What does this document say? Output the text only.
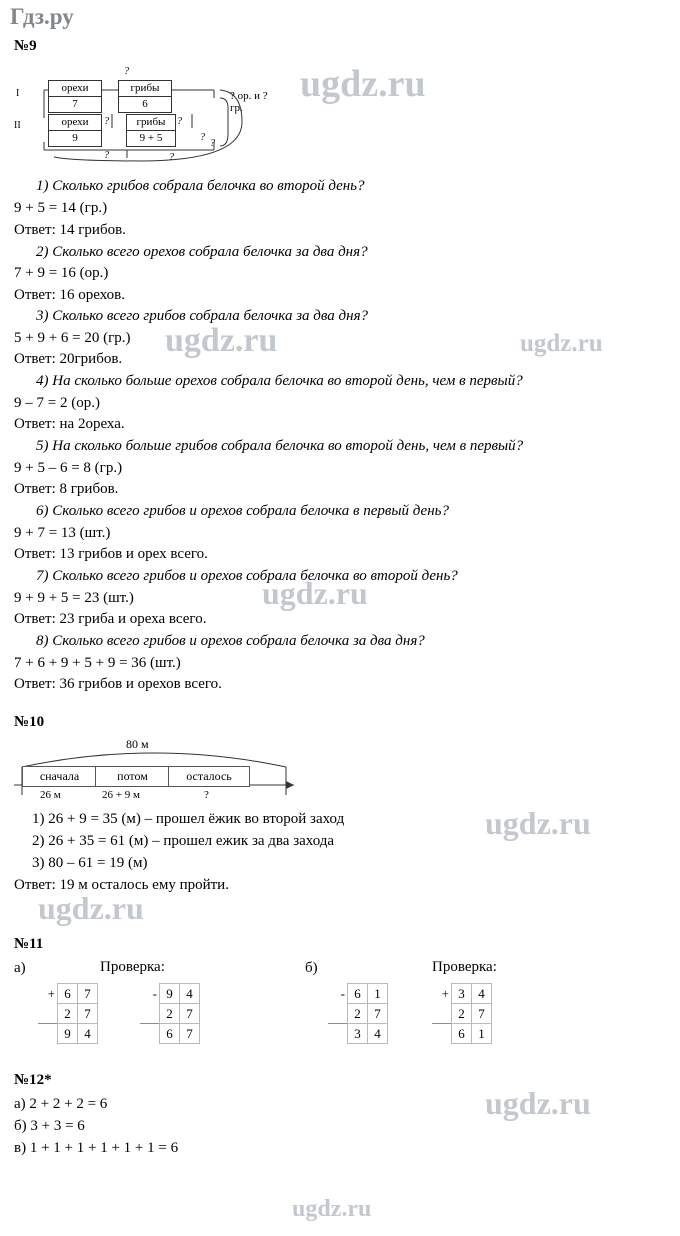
Гдз.ру
ugdz.ru
ugdz.ru	ugdz.ru
ugdz.ru
ugdz.ru
ugdz.ru
ugdz.ru
ugdz.ru
№9
I
II
орехи	грибы
7	6
орехи	грибы
9	9 + 5
?
?	?
?	?
?
?
? ор. и ? гр.
1) Сколько грибов собрала белочка во второй день?
9 + 5 = 14 (гр.)
Ответ: 14 грибов.
2) Сколько всего орехов собрала белочка за два дня?
7 + 9 = 16 (ор.)
Ответ: 16 орехов.
3) Сколько всего грибов собрала белочка за два дня?
5 + 9 + 6 = 20 (гр.)
Ответ: 20грибов.
4) На сколько больше орехов собрала белочка во второй день, чем в первый?
9 – 7 = 2 (ор.)
Ответ: на 2ореха.
5) На сколько больше грибов собрала белочка во второй день, чем в первый?
9 + 5 – 6 = 8 (гр.)
Ответ: 8 грибов.
6) Сколько всего грибов и орехов собрала белочка в первый день?
9 + 7 = 13 (шт.)
Ответ: 13 грибов и орех всего.
7) Сколько всего грибов и орехов собрала белочка во второй день?
9 + 9 + 5 = 23 (шт.)
Ответ: 23 гриба и ореха всего.
8) Сколько всего грибов и орехов собрала белочка за два дня?
7 + 6 + 9 + 5 + 9 = 36 (шт.)
Ответ: 36 грибов и орехов всего.
№10
80 м
сначала	потом	осталось
26 м	26 + 9 м	?
1) 26 + 9 = 35 (м) – прошел ёжик во второй заход
2) 26 + 35 = 61 (м) – прошел ежик за два захода
3) 80 – 61 = 19 (м)
Ответ: 19 м осталось ему пройти.
№11
а)	Проверка:	б)	Проверка:
+	6	7
	2	7
	9	4
-	9	4
	2	7
	6	7
-	6	1
	2	7
	3	4
+	3	4
	2	7
	6	1
№12*
а) 2 + 2 + 2 = 6
б) 3 + 3 = 6
в) 1 + 1 + 1 + 1 + 1 + 1 = 6
